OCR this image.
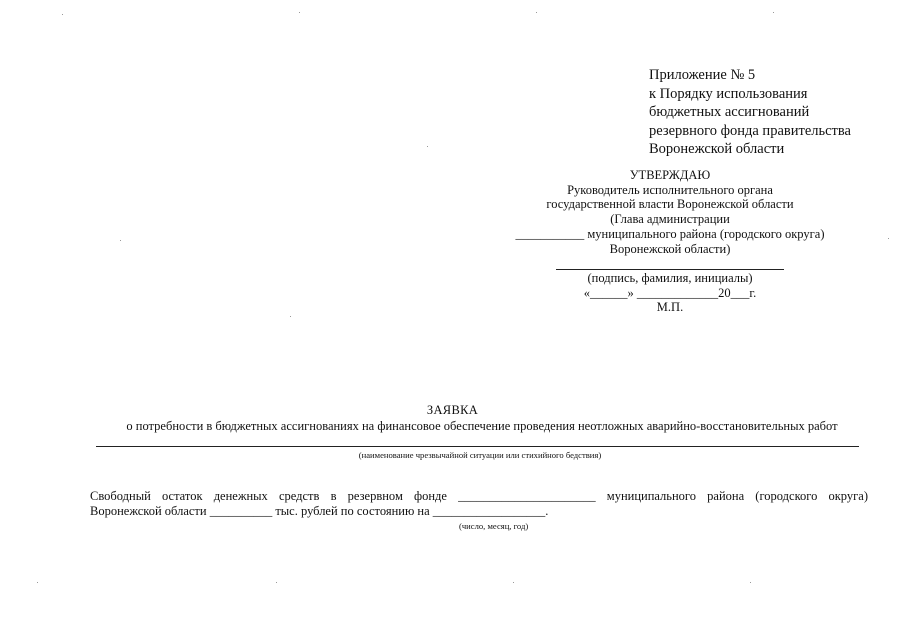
Приложение № 5
к Порядку использования
бюджетных ассигнований
резервного фонда правительства
Воронежской области
УТВЕРЖДАЮ
Руководитель исполнительного органа
государственной власти Воронежской области
(Глава администрации
___________ муниципального района (городского округа)
Воронежской области)
(подпись, фамилия, инициалы)
«______» _____________20___г.
М.П.
ЗАЯВКА
о потребности в бюджетных ассигнованиях на финансовое обеспечение проведения неотложных аварийно-восстановительных работ
(наименование чрезвычайной ситуации или стихийного бедствия)
Свободный остаток денежных средств в резервном фонде ______________________ муниципального района (городского округа)
Воронежской области __________ тыс. рублей по состоянию на __________________.
(число, месяц, год)
